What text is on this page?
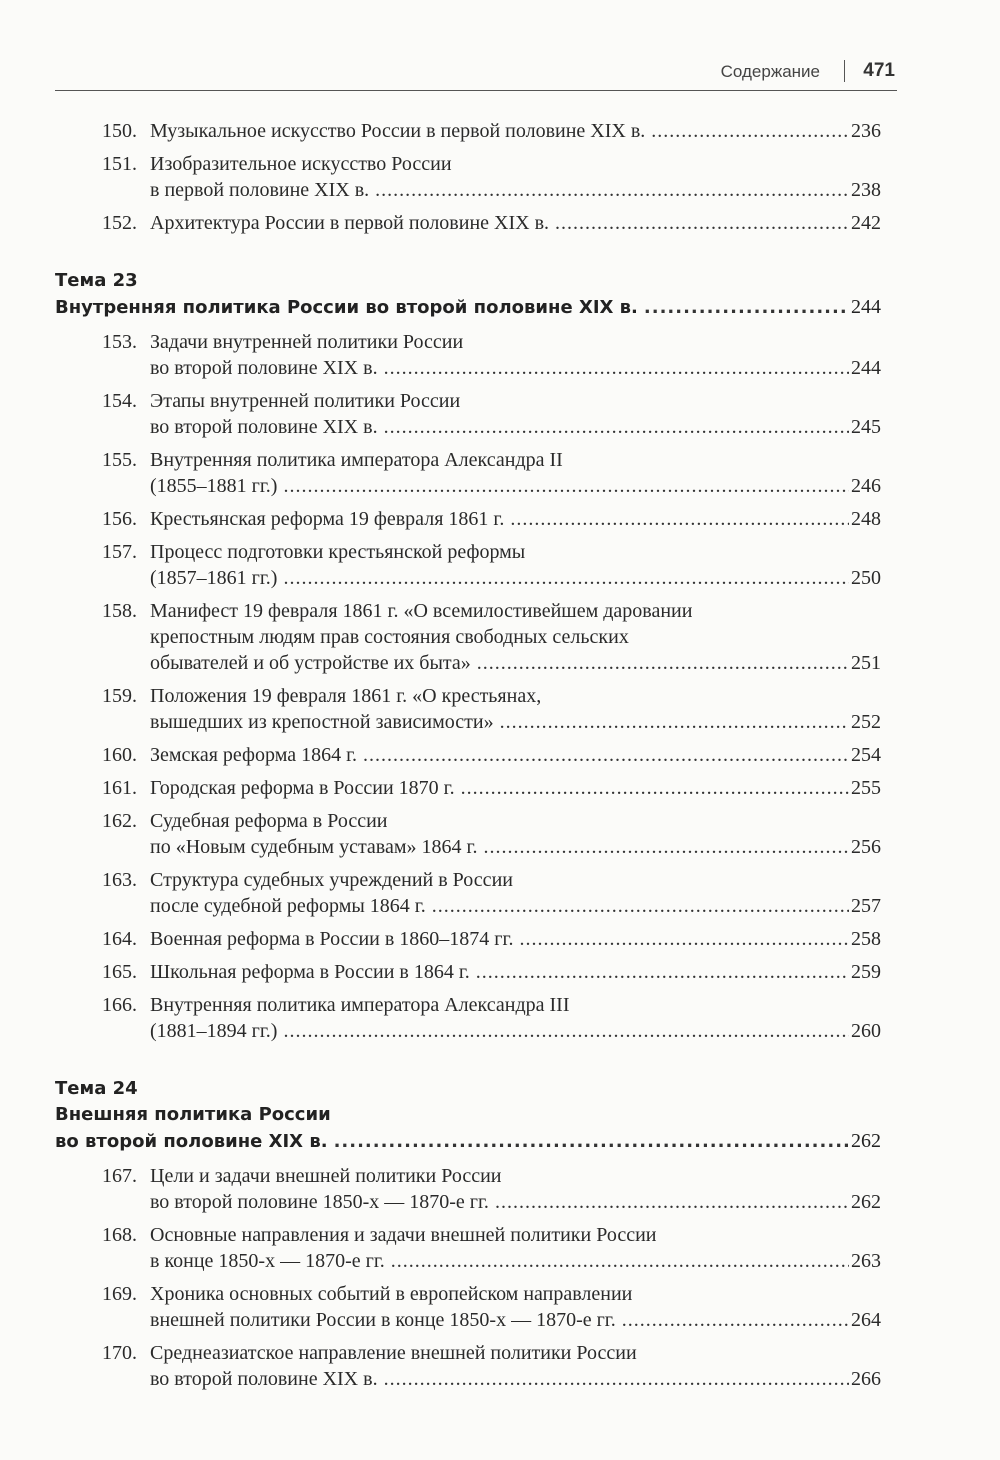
Содержание 471
150. Музыкальное искусство России в первой половине XIX в. .....	236
151. Изобразительное искусство России
в первой половине XIX в. .....	238
152. Архитектура России в первой половине XIX в. .....	242
Тема 23
Внутренняя политика России во второй половине XIX в. .....	244
153. Задачи внутренней политики России
во второй половине XIX в. .....	244
154. Этапы внутренней политики России
во второй половине XIX в. .....	245
155. Внутренняя политика императора Александра II
(1855–1881 гг.) .....	246
156. Крестьянская реформа 19 февраля 1861 г. .....	248
157. Процесс подготовки крестьянской реформы
(1857–1861 гг.) .....	250
158. Манифест 19 февраля 1861 г. «О всемилостивейшем даровании
крепостным людям прав состояния свободных сельских
обывателей и об устройстве их быта» .....	251
159. Положения 19 февраля 1861 г. «О крестьянах,
вышедших из крепостной зависимости» .....	252
160. Земская реформа 1864 г. .....	254
161. Городская реформа в России 1870 г. .....	255
162. Судебная реформа в России
по «Новым судебным уставам» 1864 г. .....	256
163. Структура судебных учреждений в России
после судебной реформы 1864 г. .....	257
164. Военная реформа в России в 1860–1874 гг. .....	258
165. Школьная реформа в России в 1864 г. .....	259
166. Внутренняя политика императора Александра III
(1881–1894 гг.) .....	260
Тема 24
Внешняя политика России
во второй половине XIX в. .....	262
167. Цели и задачи внешней политики России
во второй половине 1850-х — 1870-е гг. .....	262
168. Основные направления и задачи внешней политики России
в конце 1850-х — 1870-е гг. .....	263
169. Хроника основных событий в европейском направлении
внешней политики России в конце 1850-х — 1870-е гг. .....	264
170. Среднеазиатское направление внешней политики России
во второй половине XIX в. .....	266
